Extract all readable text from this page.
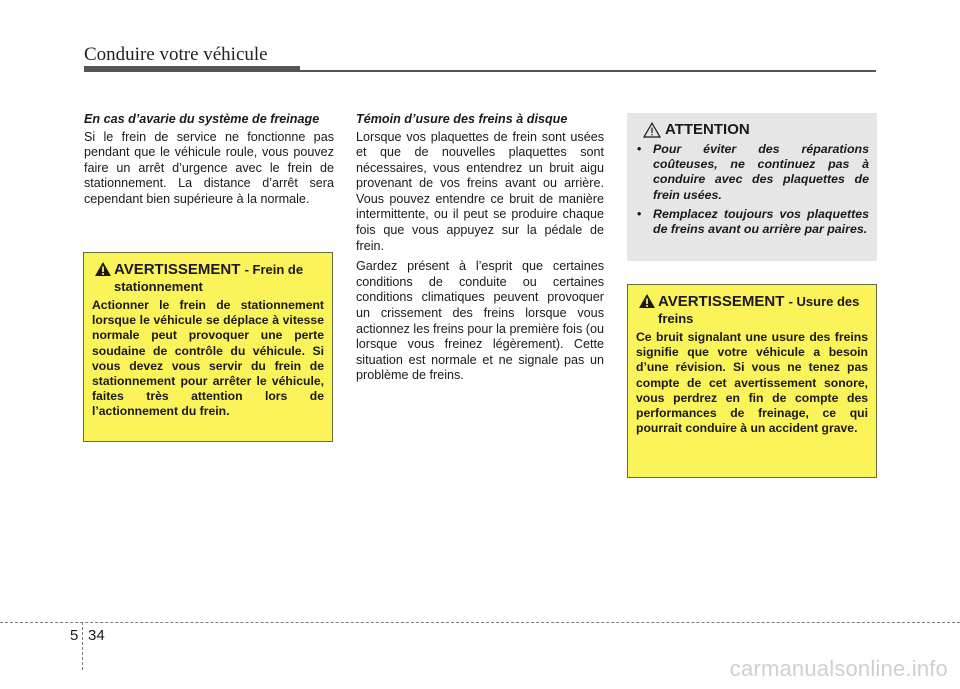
Conduire votre véhicule
En cas d’avarie du système de freinage

Si le frein de service ne fonctionne pas pendant que le véhicule roule, vous pouvez faire un arrêt d’urgence avec le frein de stationnement. La distance d’arrêt sera cependant bien supérieure à la normale.

AVERTISSEMENT - Frein de stationnement
Actionner le frein de stationnement lorsque le véhicule se déplace à vitesse normale peut provoquer une perte soudaine de contrôle du véhicule. Si vous devez vous servir du frein de stationnement pour arrêter le véhicule, faites très attention lors de l’actionnement du frein.
Témoin d’usure des freins à disque

Lorsque vos plaquettes de frein sont usées et que de nouvelles plaquettes sont nécessaires, vous entendrez un bruit aigu provenant de vos freins avant ou arrière. Vous pouvez entendre ce bruit de manière intermittente, ou il peut se produire chaque fois que vous appuyez sur la pédale de frein.

Gardez présent à l’esprit que certaines conditions de conduite ou certaines conditions climatiques peuvent provoquer un crissement des freins lorsque vous actionnez les freins pour la première fois (ou lorsque vous freinez légèrement). Cette situation est normale et ne signale pas un problème de freins.

ATTENTION
• Pour éviter des réparations coûteuses, ne continuez pas à conduire avec des plaquettes de frein usées.
• Remplacez toujours vos plaquettes de freins avant ou arrière par paires.
AVERTISSEMENT - Usure des freins
Ce bruit signalant une usure des freins signifie que votre véhicule a besoin d’une révision. Si vous ne tenez pas compte de cet avertissement sonore, vous perdrez en fin de compte des performances de freinage, ce qui pourrait conduire à un accident grave.
5 34
carmanualsonline.info
